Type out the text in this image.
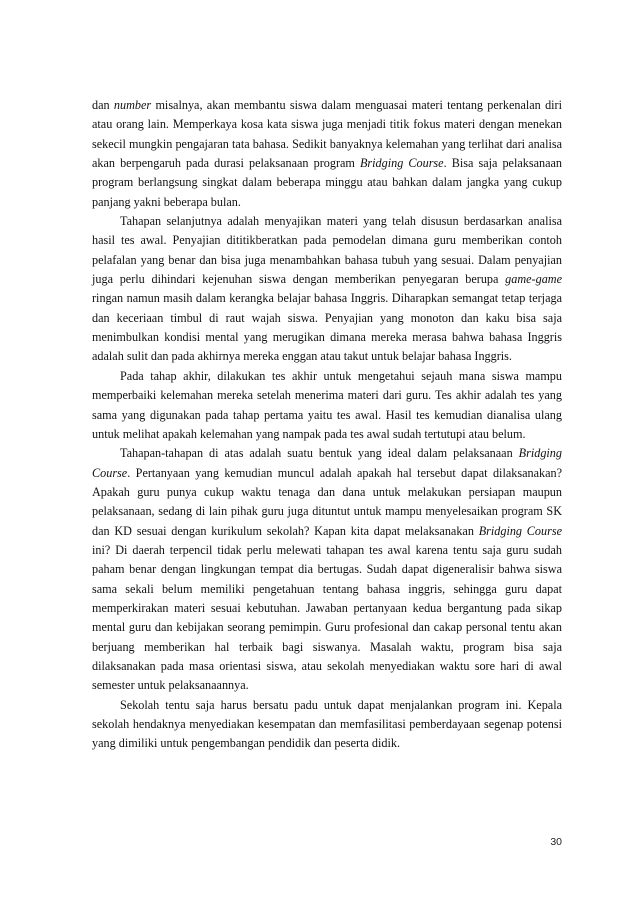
dan number misalnya, akan membantu siswa dalam menguasai materi tentang perkenalan diri atau orang lain. Memperkaya kosa kata siswa juga menjadi titik fokus materi dengan menekan sekecil mungkin pengajaran tata bahasa. Sedikit banyaknya kelemahan yang terlihat dari analisa akan berpengaruh pada durasi pelaksanaan program Bridging Course. Bisa saja pelaksanaan program berlangsung singkat dalam beberapa minggu atau bahkan dalam jangka yang cukup panjang yakni beberapa bulan.

Tahapan selanjutnya adalah menyajikan materi yang telah disusun berdasarkan analisa hasil tes awal. Penyajian dititikberatkan pada pemodelan dimana guru memberikan contoh pelafalan yang benar dan bisa juga menambahkan bahasa tubuh yang sesuai. Dalam penyajian juga perlu dihindari kejenuhan siswa dengan memberikan penyegaran berupa game-game ringan namun masih dalam kerangka belajar bahasa Inggris. Diharapkan semangat tetap terjaga dan keceriaan timbul di raut wajah siswa. Penyajian yang monoton dan kaku bisa saja menimbulkan kondisi mental yang merugikan dimana mereka merasa bahwa bahasa Inggris adalah sulit dan pada akhirnya mereka enggan atau takut untuk belajar bahasa Inggris.

Pada tahap akhir, dilakukan tes akhir untuk mengetahui sejauh mana siswa mampu memperbaiki kelemahan mereka setelah menerima materi dari guru. Tes akhir adalah tes yang sama yang digunakan pada tahap pertama yaitu tes awal. Hasil tes kemudian dianalisa ulang untuk melihat apakah kelemahan yang nampak pada tes awal sudah tertutupi atau belum.

Tahapan-tahapan di atas adalah suatu bentuk yang ideal dalam pelaksanaan Bridging Course. Pertanyaan yang kemudian muncul adalah apakah hal tersebut dapat dilaksanakan? Apakah guru punya cukup waktu tenaga dan dana untuk melakukan persiapan maupun pelaksanaan, sedang di lain pihak guru juga dituntut untuk mampu menyelesaikan program SK dan KD sesuai dengan kurikulum sekolah? Kapan kita dapat melaksanakan Bridging Course ini? Di daerah terpencil tidak perlu melewati tahapan tes awal karena tentu saja guru sudah paham benar dengan lingkungan tempat dia bertugas. Sudah dapat digeneralisir bahwa siswa sama sekali belum memiliki pengetahuan tentang bahasa inggris, sehingga guru dapat memperkirakan materi sesuai kebutuhan. Jawaban pertanyaan kedua bergantung pada sikap mental guru dan kebijakan seorang pemimpin. Guru profesional dan cakap personal tentu akan berjuang memberikan hal terbaik bagi siswanya. Masalah waktu, program bisa saja dilaksanakan pada masa orientasi siswa, atau sekolah menyediakan waktu sore hari di awal semester untuk pelaksanaannya.

Sekolah tentu saja harus bersatu padu untuk dapat menjalankan program ini. Kepala sekolah hendaknya menyediakan kesempatan dan memfasilitasi pemberdayaan segenap potensi yang dimiliki untuk pengembangan pendidik dan peserta didik.

30
